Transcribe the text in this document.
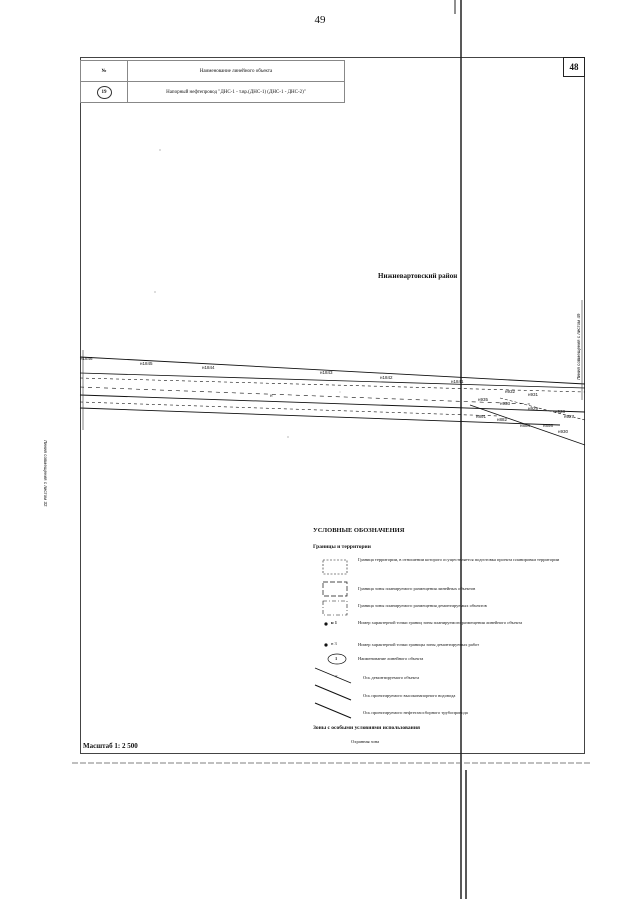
49
48
№	Наименование линейного объекта
19	Напорный нефтепровод "ДНС-1 - т.вр.(ДНС-1) (ДНС-1 - ДНС-2)"
н1846
н1845
н1844
н1843
н1842
н1841
н932
н931
н933
н935
н929
н928
н927
н891
н882
н884	н898
н930
н
Нижневартовский район
Линия совмещения с листом 32
Линия совмещения с листом 49
УСЛОВНЫЕ ОБОЗНАЧЕНИЯ
Границы и территории
×
Граница территории, в отношении которого осуществляется подготовка проекта планировки территории
Граница зоны планируемого размещения линейных объектов
Граница зоны планируемого размещения демонтируемых объектов
н 1	Номер характерной точки границ зоны планируемого размещения линейного объекта
н 3	Номер характерной точки границы зоны демонтируемых работ
1	Наименование линейного объекта
Ось демонтируемого объекта
Ось проектируемого высоконапорного водовода
Ось проектируемого нефтегазосборного трубопровода
Зоны с особыми условиями использования
Охранная зона
Масштаб 1: 2 500
